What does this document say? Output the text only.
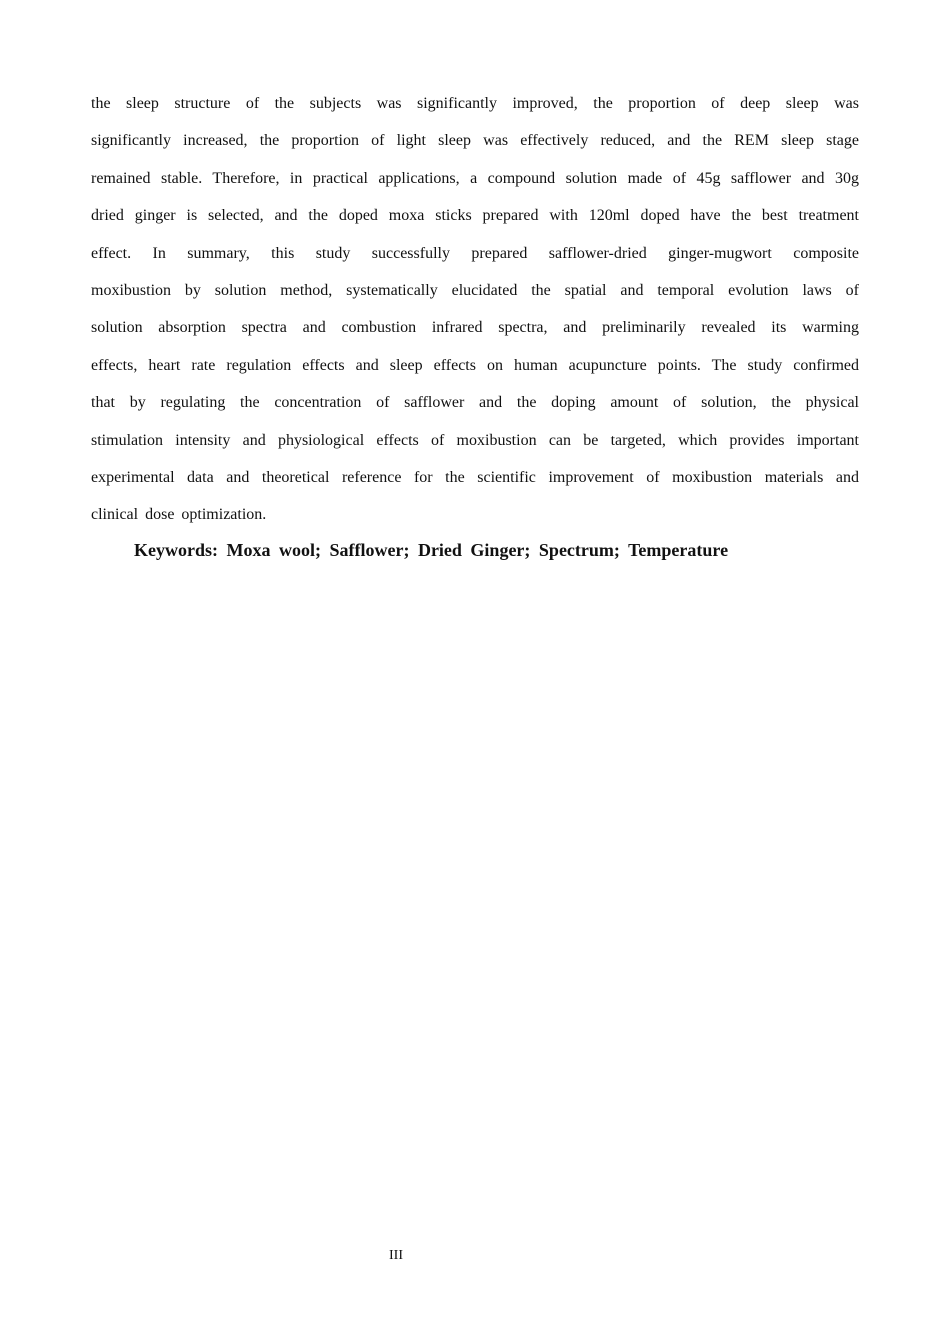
the sleep structure of the subjects was significantly improved, the proportion of deep sleep was
significantly increased, the proportion of light sleep was effectively reduced, and the REM sleep stage
remained stable. Therefore, in practical applications, a compound solution made of 45g safflower and 30g
dried ginger is selected, and the doped moxa sticks prepared with 120ml doped have the best treatment
effect. In summary, this study successfully prepared safflower-dried ginger-mugwort composite
moxibustion by solution method, systematically elucidated the spatial and temporal evolution laws of
solution absorption spectra and combustion infrared spectra, and preliminarily revealed its warming
effects, heart rate regulation effects and sleep effects on human acupuncture points. The study confirmed
that by regulating the concentration of safflower and the doping amount of solution, the physical
stimulation intensity and physiological effects of moxibustion can be targeted, which provides important
experimental data and theoretical reference for the scientific improvement of moxibustion materials and
clinical dose optimization.

Keywords: Moxa wool; Safflower; Dried Ginger; Spectrum; Temperature

III
